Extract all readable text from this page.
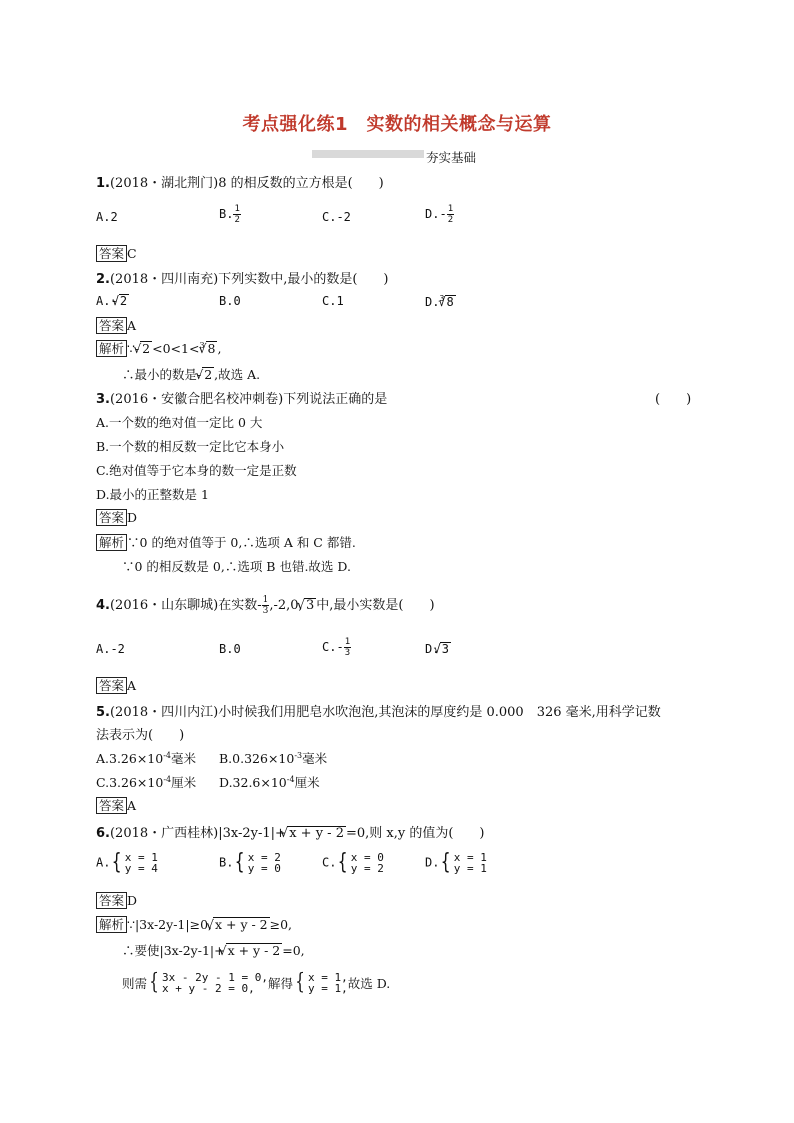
考点强化练1　实数的相关概念与运算
夯实基础
1.(2018・湖北荆门)8 的相反数的立方根是(　　)
A.2	B. $\frac{1}{2}$	C.-2	$D.- \frac{1}{2}$
答案 C
2.(2018・四川南充)下列实数中,最小的数是(　　)
A.-√ 2	B.0	C.1	D.$^3$√ 8
答案 A
解析 ∵-√ 2 <0<1<$^3$√ 8 ,
∴最小的数是-√ 2 ,故选 A.
3.(2016・安徽合肥名校冲刺卷)下列说法正确的是	(　　)
A.一个数的绝对值一定比 0 大
B.一个数的相反数一定比它本身小
C.绝对值等于它本身的数一定是正数
D.最小的正整数是 1
答案 D
解析 ∵0 的绝对值等于 0,∴选项 A 和 C 都错.
∵0 的相反数是 0,∴选项 B 也错.故选 D.
4.(2016・山东聊城)在实数- $\frac{1}{3} ,-2,0,√$ 3 中,最小实数是(　　)
A.-2	B.0	$C.- \frac{1}{3}$	D.√ 3
答案 A
5.(2018・四川内江)小时候我们用肥皂水吹泡泡,其泡沫的厚度约是 0.000　326 毫米,用科学记数
法表示为(　　)
$A.3.26\times 10^{-4}$毫米 $B.0.326\times 10^{-3}$毫米
$C.3.26\times 10^{-4}$厘米 $D.32.6\times 10^{-4}$厘米
答案 A
6.(2018・广西桂林)|3x-2y-1|+√ x + y - 2 =0,则 x,y 的值为(　　)
A.{ x = 1
y = 4	B.{ x = 2
y = 0	C.{ x = 0
y = 2	D.{ x = 1
y = 1
答案 D
解析 ∵|3x-2y-1|≥0,√ x + y - 2 ≥0,
∴要使|3x-2y-1|+√ x + y - 2 =0,
则需{ 3x - 2y - 1 = 0,
x + y - 2 = 0,	解得{ x = 1,
y = 1, 故选 D.
